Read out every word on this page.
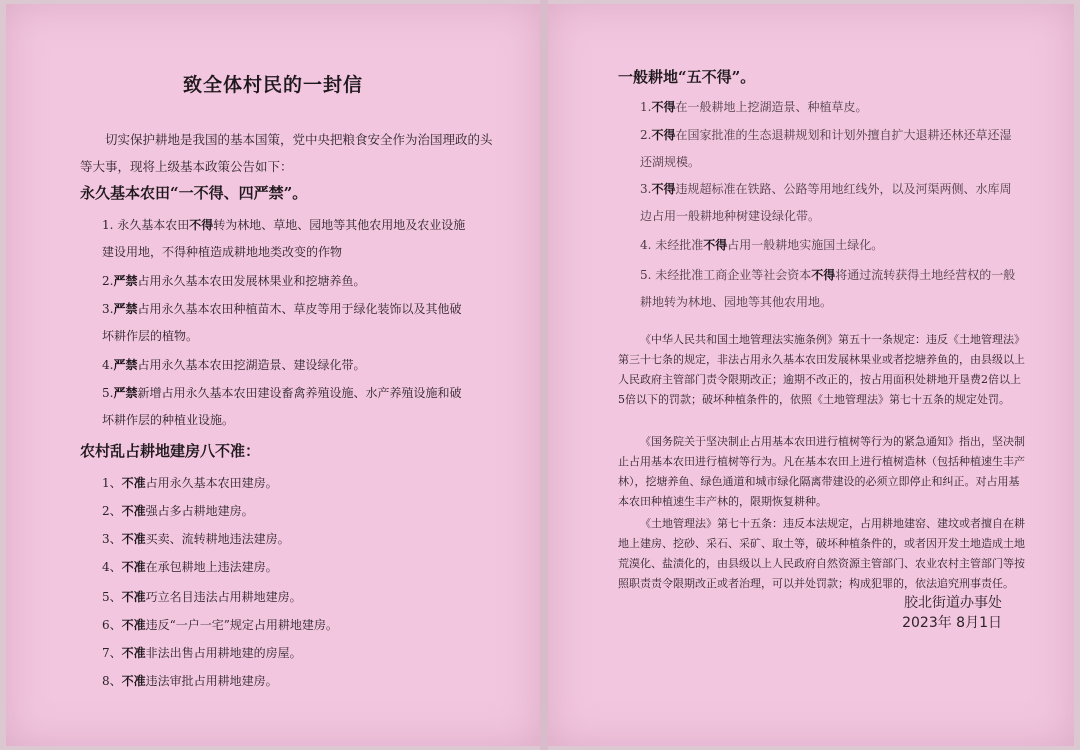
致全体村民的一封信
切实保护耕地是我国的基本国策，党中央把粮食安全作为治国理政的头等大事，现将上级基本政策公告如下：
永久基本农田“一不得、四严禁”。
1. 永久基本农田不得转为林地、草地、园地等其他农用地及农业设施建设用地，不得种植造成耕地地类改变的作物
2.严禁占用永久基本农田发展林果业和挖塘养鱼。
3.严禁占用永久基本农田种植苗木、草皮等用于绿化装饰以及其他破坏耕作层的植物。
4.严禁占用永久基本农田挖湖造景、建设绿化带。
5.严禁新增占用永久基本农田建设畜禽养殖设施、水产养殖设施和破坏耕作层的种植业设施。
农村乱占耕地建房八不准：
1、不准占用永久基本农田建房。
2、不准强占多占耕地建房。
3、不准买卖、流转耕地违法建房。
4、不准在承包耕地上违法建房。
5、不准巧立名目违法占用耕地建房。
6、不准违反“一户一宅”规定占用耕地建房。
7、不准非法出售占用耕地建的房屋。
8、不准违法审批占用耕地建房。
一般耕地“五不得”。
1.不得在一般耕地上挖湖造景、种植草皮。
2.不得在国家批准的生态退耕规划和计划外擅自扩大退耕还林还草还湿还湖规模。
3.不得违规超标准在铁路、公路等用地红线外，以及河渠两侧、水库周边占用一般耕地种树建设绿化带。
4. 未经批准不得占用一般耕地实施国土绿化。
5. 未经批准工商企业等社会资本不得将通过流转获得土地经营权的一般耕地转为林地、园地等其他农用地。
《中华人民共和国土地管理法实施条例》第五十一条规定：违反《土地管理法》第三十七条的规定，非法占用永久基本农田发展林果业或者挖塘养鱼的，由县级以上人民政府主管部门责令限期改正；逾期不改正的，按占用面积处耕地开垦费2倍以上5倍以下的罚款；破坏种植条件的，依照《土地管理法》第七十五条的规定处罚。
《国务院关于坚决制止占用基本农田进行植树等行为的紧急通知》指出，坚决制止占用基本农田进行植树等行为。凡在基本农田上进行植树造林（包括种植速生丰产林），挖塘养鱼、绿色通道和城市绿化隔离带建设的必须立即停止和纠正。对占用基本农田种植速生丰产林的，限期恢复耕种。
《土地管理法》第七十五条：违反本法规定，占用耕地建窑、建坟或者擅自在耕地上建房、挖砂、采石、采矿、取土等，破坏种植条件的，或者因开发土地造成土地荒漠化、盐渍化的，由县级以上人民政府自然资源主管部门、农业农村主管部门等按照职责责令限期改正或者治理，可以并处罚款；构成犯罪的，依法追究刑事责任。
胶北街道办事处
2023年 8月1日
